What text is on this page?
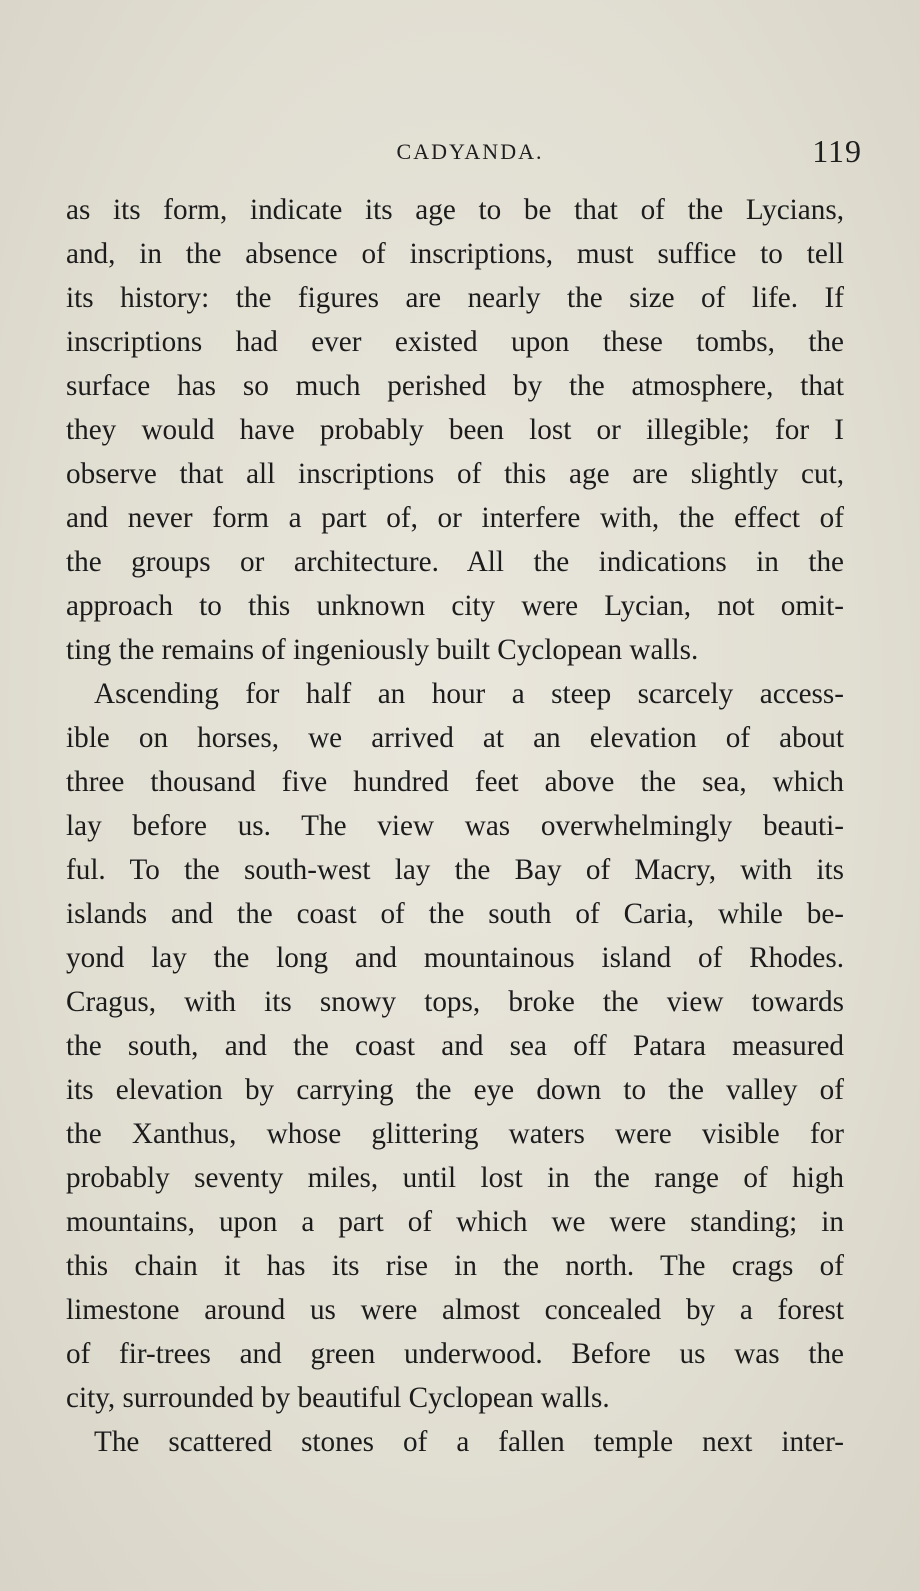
CADYANDA.	119

as its form, indicate its age to be that of the Lycians,
and, in the absence of inscriptions, must suffice to tell
its history: the figures are nearly the size of life. If
inscriptions had ever existed upon these tombs, the
surface has so much perished by the atmosphere, that
they would have probably been lost or illegible; for I
observe that all inscriptions of this age are slightly cut,
and never form a part of, or interfere with, the effect of
the groups or architecture. All the indications in the
approach to this unknown city were Lycian, not omit-
ting the remains of ingeniously built Cyclopean walls.

Ascending for half an hour a steep scarcely access-
ible on horses, we arrived at an elevation of about
three thousand five hundred feet above the sea, which
lay before us. The view was overwhelmingly beauti-
ful. To the south-west lay the Bay of Macry, with its
islands and the coast of the south of Caria, while be-
yond lay the long and mountainous island of Rhodes.
Cragus, with its snowy tops, broke the view towards
the south, and the coast and sea off Patara measured
its elevation by carrying the eye down to the valley of
the Xanthus, whose glittering waters were visible for
probably seventy miles, until lost in the range of high
mountains, upon a part of which we were standing; in
this chain it has its rise in the north. The crags of
limestone around us were almost concealed by a forest
of fir-trees and green underwood. Before us was the
city, surrounded by beautiful Cyclopean walls.

The scattered stones of a fallen temple next inter-
